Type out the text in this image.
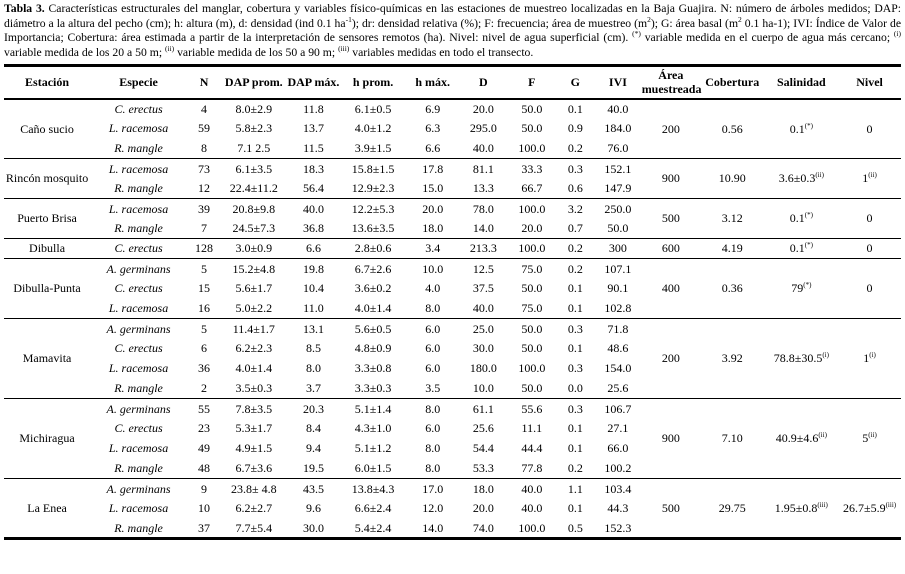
Tabla 3. Características estructurales del manglar, cobertura y variables físico-químicas en las estaciones de muestreo localizadas en la Baja Guajira. N: número de árboles medidos; DAP: diámetro a la altura del pecho (cm); h: altura (m), d: densidad (ind 0.1 $ha^{-1}$); dr: densidad relativa (%); F: frecuencia; área de muestreo $(m^2)$; G: área basal ($m^2$ 0.1 ha-1); IVI: Índice de Valor de Importancia; Cobertura: área estimada a partir de la interpretación de sensores remotos (ha). Nivel: nivel de agua superficial (cm). (*) variable medida en el cuerpo de agua más cercano; $^{(i)}$ variable medida de los 20 a 50 m; $^{(ii)}$ variable medida de los 50 a 90 m; $^{(iii)}$ variables medidas en todo el transecto.

Estación	Especie	N	DAP prom.	DAP máx.	h prom.	h máx.	D	F	G	IVI	Área muestreada	Cobertura	Salinidad	Nivel
Caño sucio	C. erectus	4	8.0±2.9	11.8	6.1±0.5	6.9	20.0	50.0	0.1	40.0	200	0.56	0.1(*)	0
	L. racemosa	59	5.8±2.3	13.7	4.0±1.2	6.3	295.0	50.0	0.9	184.0				
	R. mangle	8	7.1 2.5	11.5	3.9±1.5	6.6	40.0	100.0	0.2	76.0				
Rincón mosquito	L. racemosa	73	6.1±3.5	18.3	15.8±1.5	17.8	81.1	33.3	0.3	152.1	900	10.90	$3.6\pm 0.3^{(ii)}$	1$^{(ii)}$
	R. mangle	12	22.4±11.2	56.4	12.9±2.3	15.0	13.3	66.7	0.6	147.9				
Puerto Brisa	L. racemosa	39	20.8±9.8	40.0	12.2±5.3	20.0	78.0	100.0	3.2	250.0	500	3.12	0.1(*)	0
	R. mangle	7	24.5±7.3	36.8	13.6±3.5	18.0	14.0	20.0	0.7	50.0				
Dibulla	C. erectus	128	3.0±0.9	6.6	2.8±0.6	3.4	213.3	100.0	0.2	300	600	4.19	0.1(*)	0
Dibulla-Punta	A. germinans	5	15.2±4.8	19.8	6.7±2.6	10.0	12.5	75.0	0.2	107.1	400	0.36	79(*)	0
	C. erectus	15	5.6±1.7	10.4	3.6±0.2	4.0	37.5	50.0	0.1	90.1				
	L. racemosa	16	5.0±2.2	11.0	4.0±1.4	8.0	40.0	75.0	0.1	102.8				
Mamavita	A. germinans	5	11.4±1.7	13.1	5.6±0.5	6.0	25.0	50.0	0.3	71.8	200	3.92	$78.8\pm 30.5^{(i)}$	1$^{(i)}$
	C. erectus	6	6.2±2.3	8.5	4.8±0.9	6.0	30.0	50.0	0.1	48.6				
	L. racemosa	36	4.0±1.4	8.0	3.3±0.8	6.0	180.0	100.0	0.3	154.0				
	R. mangle	2	3.5±0.3	3.7	3.3±0.3	3.5	10.0	50.0	0.0	25.6				
Michiragua	A. germinans	55	7.8±3.5	20.3	5.1±1.4	8.0	61.1	55.6	0.3	106.7	900	7.10	$40.9\pm 4.6^{(ii)}$	5$^{(ii)}$
	C. erectus	23	5.3±1.7	8.4	4.3±1.0	6.0	25.6	11.1	0.1	27.1				
	L. racemosa	49	4.9±1.5	9.4	5.1±1.2	8.0	54.4	44.4	0.1	66.0				
	R. mangle	48	6.7±3.6	19.5	6.0±1.5	8.0	53.3	77.8	0.2	100.2				
La Enea	A. germinans	9	23.8± 4.8	43.5	13.8±4.3	17.0	18.0	40.0	1.1	103.4	500	29.75	$1.95\pm 0.8^{(iii)}$	$26.7\pm 5.9^{(iii)}$
	L. racemosa	10	6.2±2.7	9.6	6.6±2.4	12.0	20.0	40.0	0.1	44.3				
	R. mangle	37	7.7±5.4	30.0	5.4±2.4	14.0	74.0	100.0	0.5	152.3				
